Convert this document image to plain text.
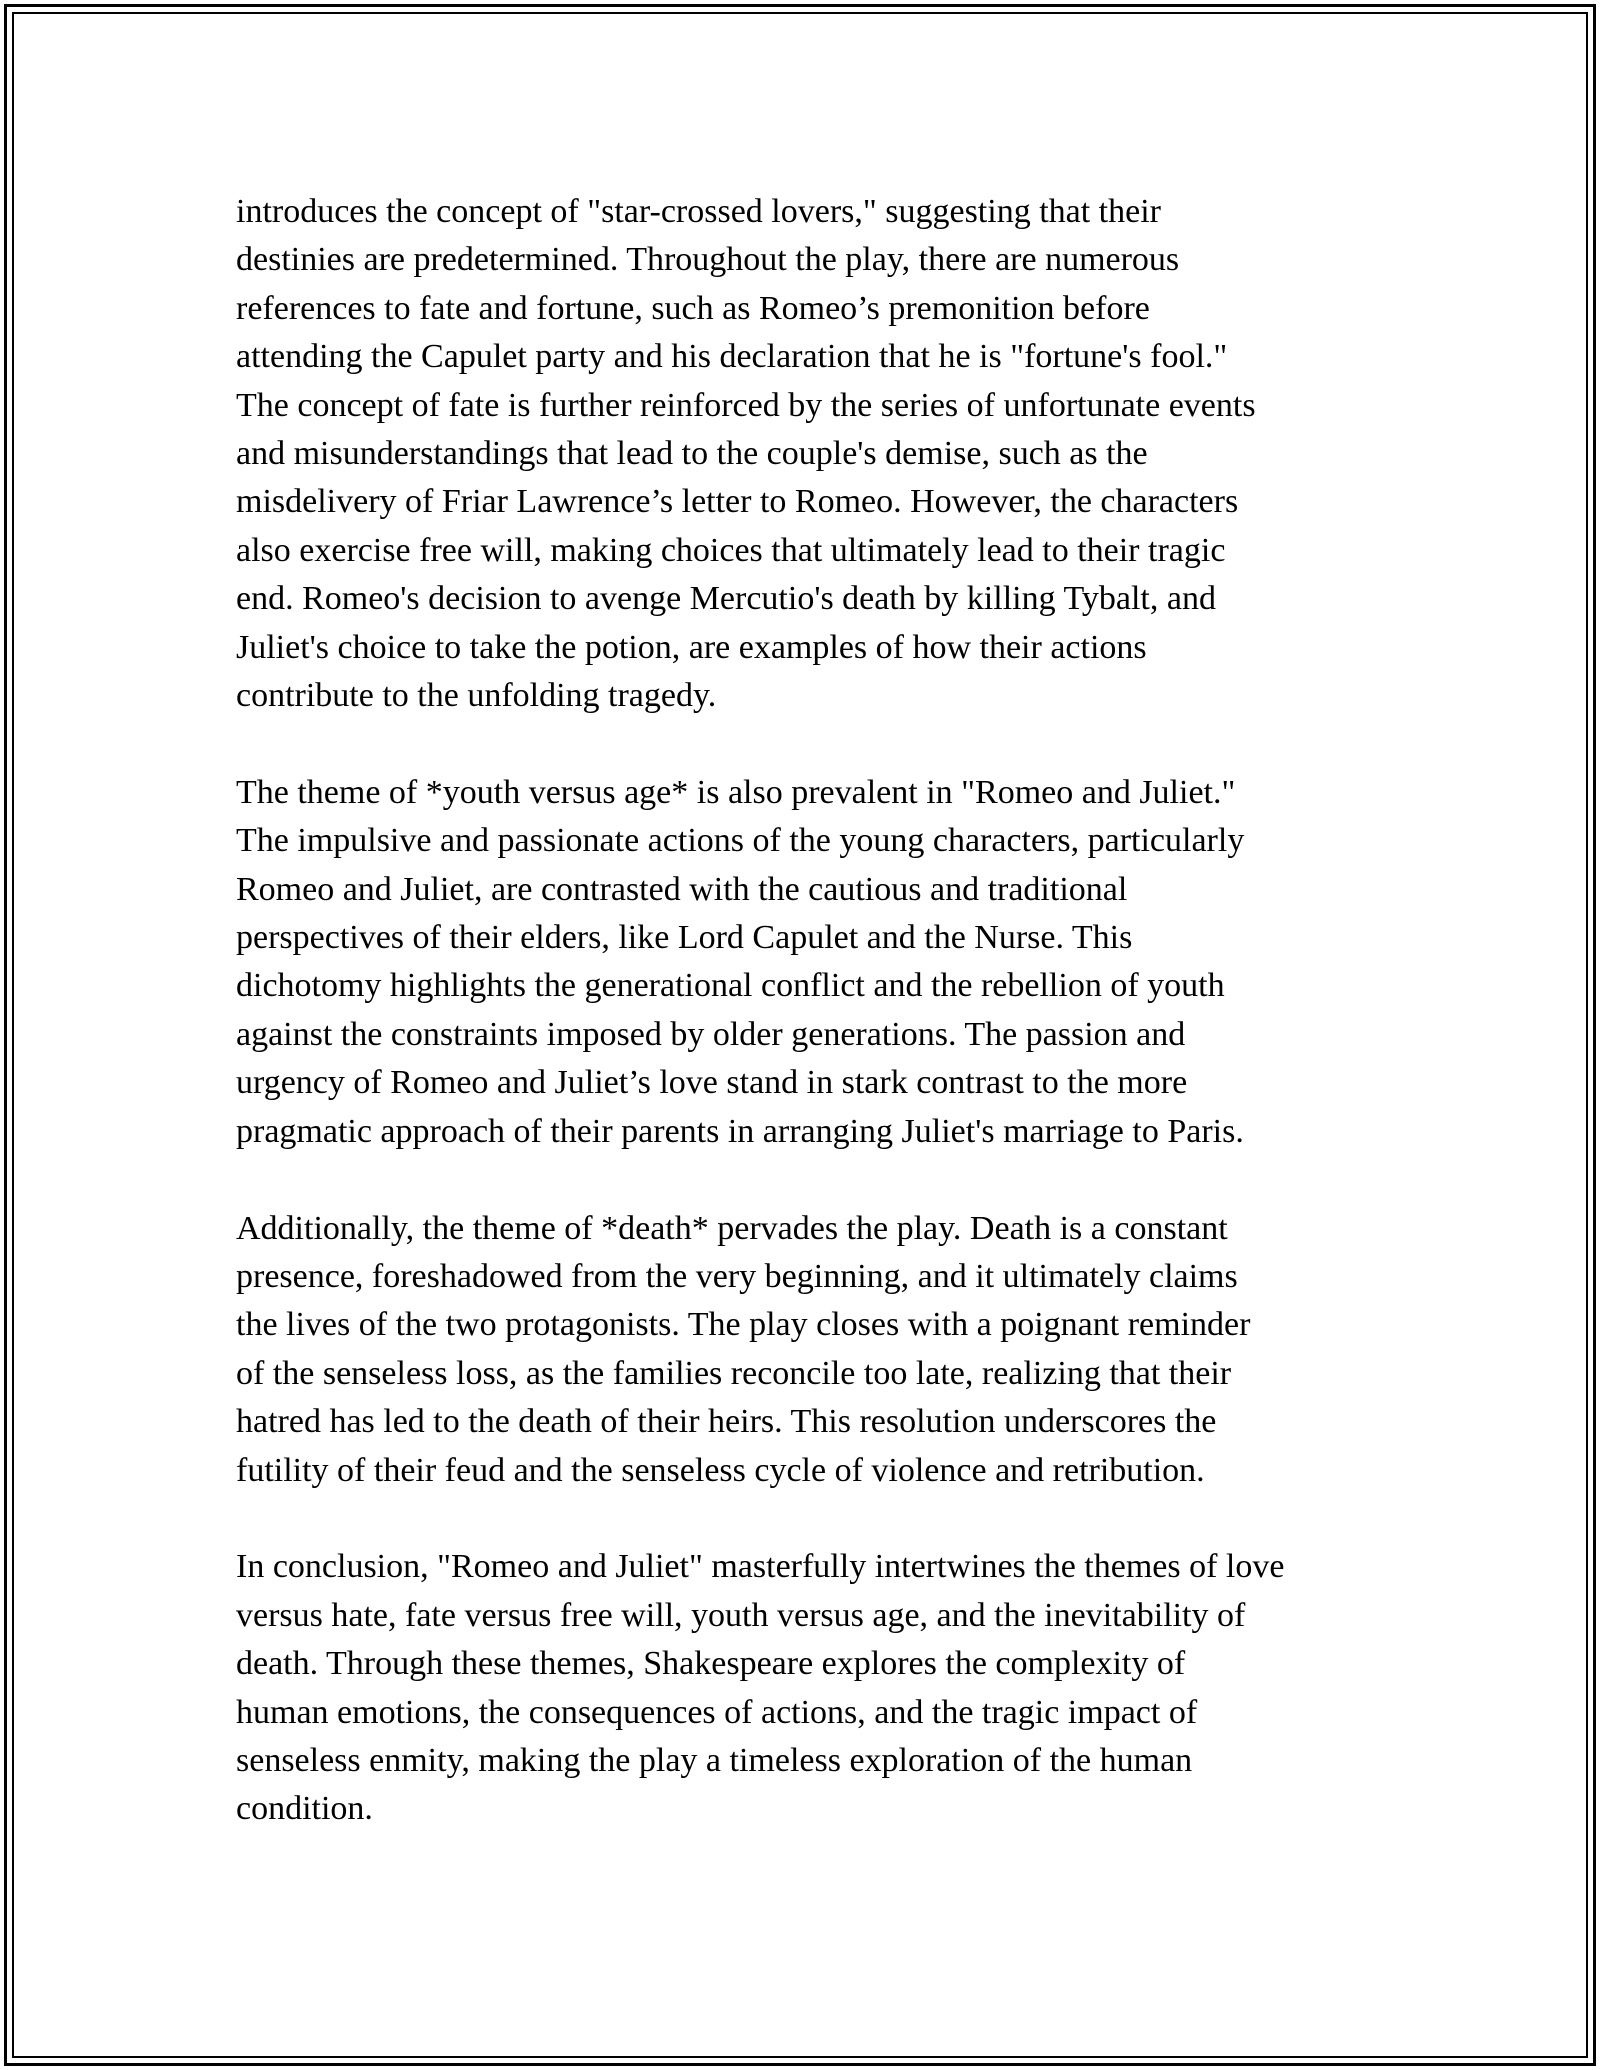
introduces the concept of "star-crossed lovers," suggesting that their
destinies are predetermined. Throughout the play, there are numerous
references to fate and fortune, such as Romeo’s premonition before
attending the Capulet party and his declaration that he is "fortune's fool."
The concept of fate is further reinforced by the series of unfortunate events
and misunderstandings that lead to the couple's demise, such as the
misdelivery of Friar Lawrence’s letter to Romeo. However, the characters
also exercise free will, making choices that ultimately lead to their tragic
end. Romeo's decision to avenge Mercutio's death by killing Tybalt, and
Juliet's choice to take the potion, are examples of how their actions
contribute to the unfolding tragedy.

The theme of *youth versus age* is also prevalent in "Romeo and Juliet."
The impulsive and passionate actions of the young characters, particularly
Romeo and Juliet, are contrasted with the cautious and traditional
perspectives of their elders, like Lord Capulet and the Nurse. This
dichotomy highlights the generational conflict and the rebellion of youth
against the constraints imposed by older generations. The passion and
urgency of Romeo and Juliet’s love stand in stark contrast to the more
pragmatic approach of their parents in arranging Juliet's marriage to Paris.

Additionally, the theme of *death* pervades the play. Death is a constant
presence, foreshadowed from the very beginning, and it ultimately claims
the lives of the two protagonists. The play closes with a poignant reminder
of the senseless loss, as the families reconcile too late, realizing that their
hatred has led to the death of their heirs. This resolution underscores the
futility of their feud and the senseless cycle of violence and retribution.

In conclusion, "Romeo and Juliet" masterfully intertwines the themes of love
versus hate, fate versus free will, youth versus age, and the inevitability of
death. Through these themes, Shakespeare explores the complexity of
human emotions, the consequences of actions, and the tragic impact of
senseless enmity, making the play a timeless exploration of the human
condition.
